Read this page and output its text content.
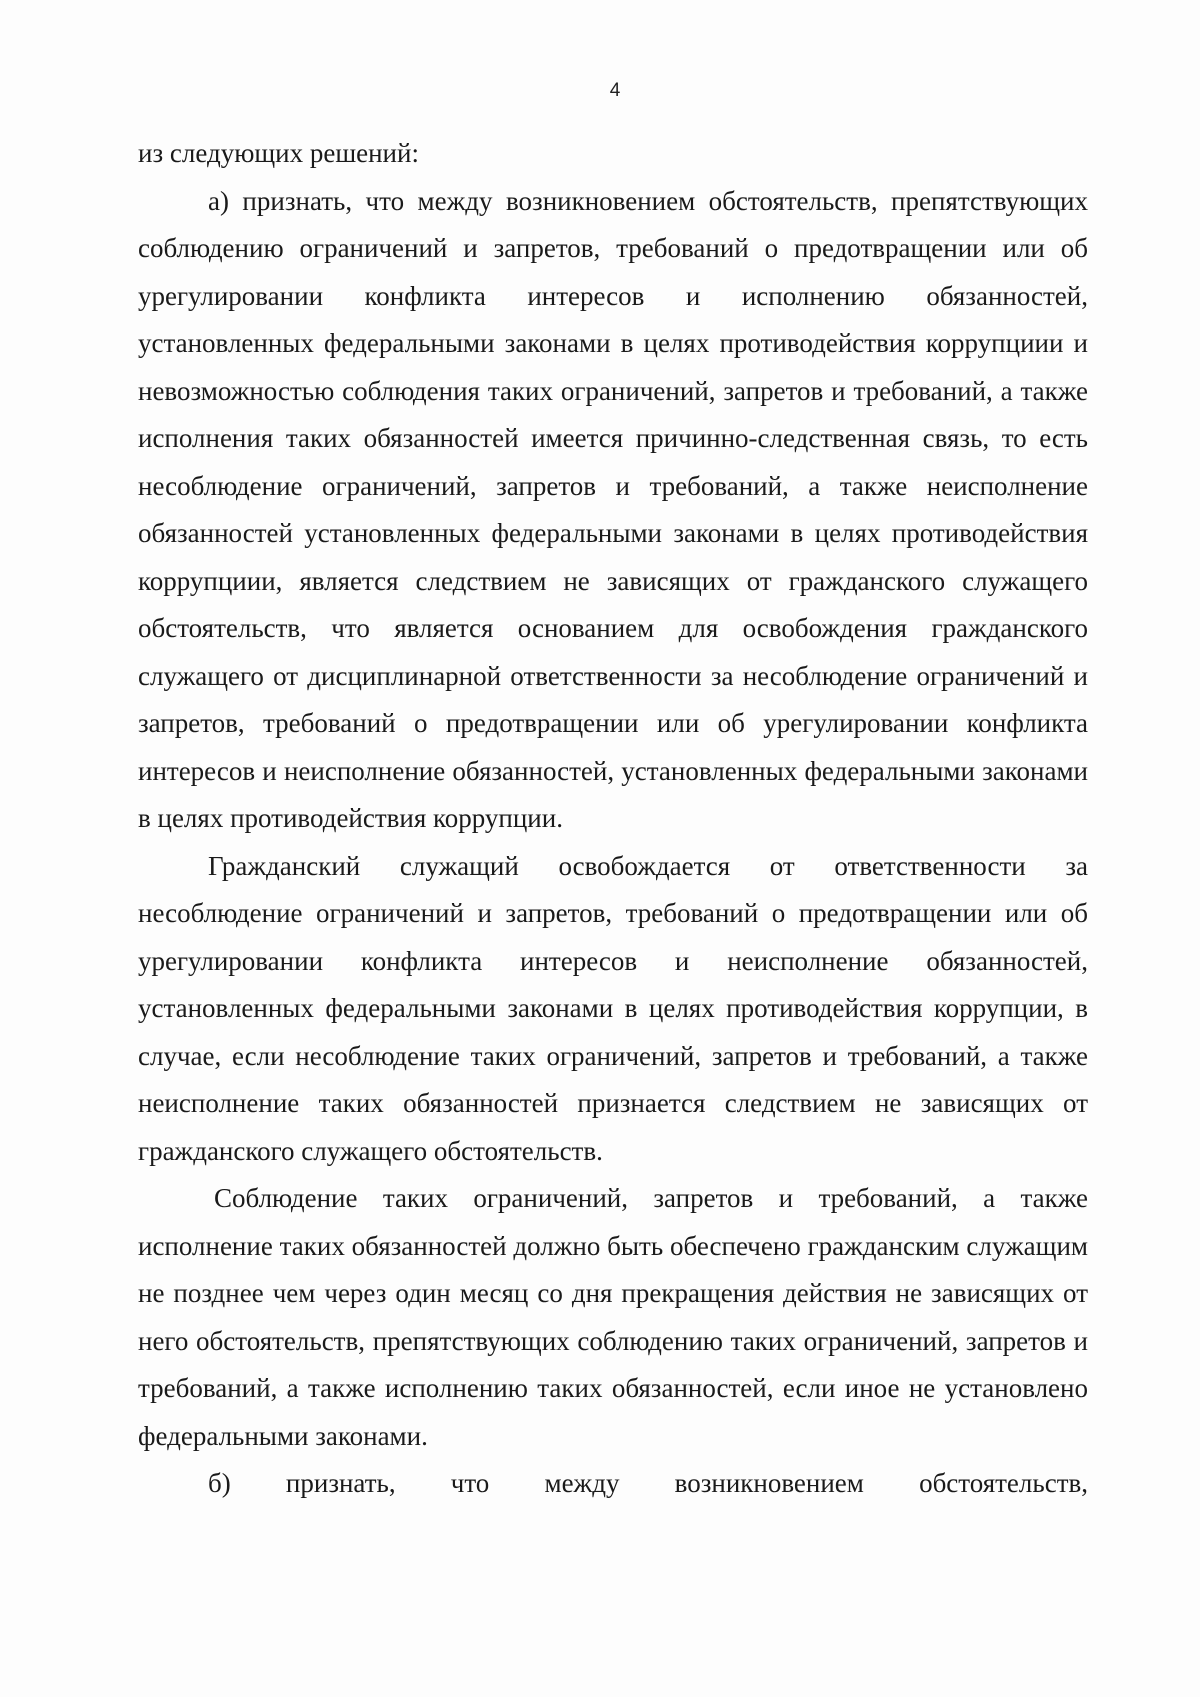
4

из следующих решений:

а) признать, что между возникновением обстоятельств, препятствующих соблюдению ограничений и запретов, требований о предотвращении или об урегулировании конфликта интересов и исполнению обязанностей, установленных федеральными законами в целях противодействия коррупциии и невозможностью соблюдения таких ограничений, запретов и требований, а также исполнения таких обязанностей имеется причинно-следственная связь, то есть несоблюдение ограничений, запретов и требований, а также неисполнение обязанностей установленных федеральными законами в целях противодействия коррупциии, является следствием не зависящих от гражданского служащего обстоятельств, что является основанием для освобождения гражданского служащего от дисциплинарной ответственности за несоблюдение ограничений и запретов, требований о предотвращении или об урегулировании конфликта интересов и неисполнение обязанностей, установленных федеральными законами в целях противодействия коррупции.

Гражданский служащий освобождается от ответственности за несоблюдение ограничений и запретов, требований о предотвращении или об урегулировании конфликта интересов и неисполнение обязанностей, установленных федеральными законами в целях противодействия коррупции, в случае, если несоблюдение таких ограничений, запретов и требований, а также неисполнение таких обязанностей признается следствием не зависящих от гражданского служащего обстоятельств.

Соблюдение таких ограничений, запретов и требований, а также исполнение таких обязанностей должно быть обеспечено гражданским служащим не позднее чем через один месяц со дня прекращения действия не зависящих от него обстоятельств, препятствующих соблюдению таких ограничений, запретов и требований, а также исполнению таких обязанностей, если иное не установлено федеральными законами.

б) признать, что между возникновением обстоятельств,
